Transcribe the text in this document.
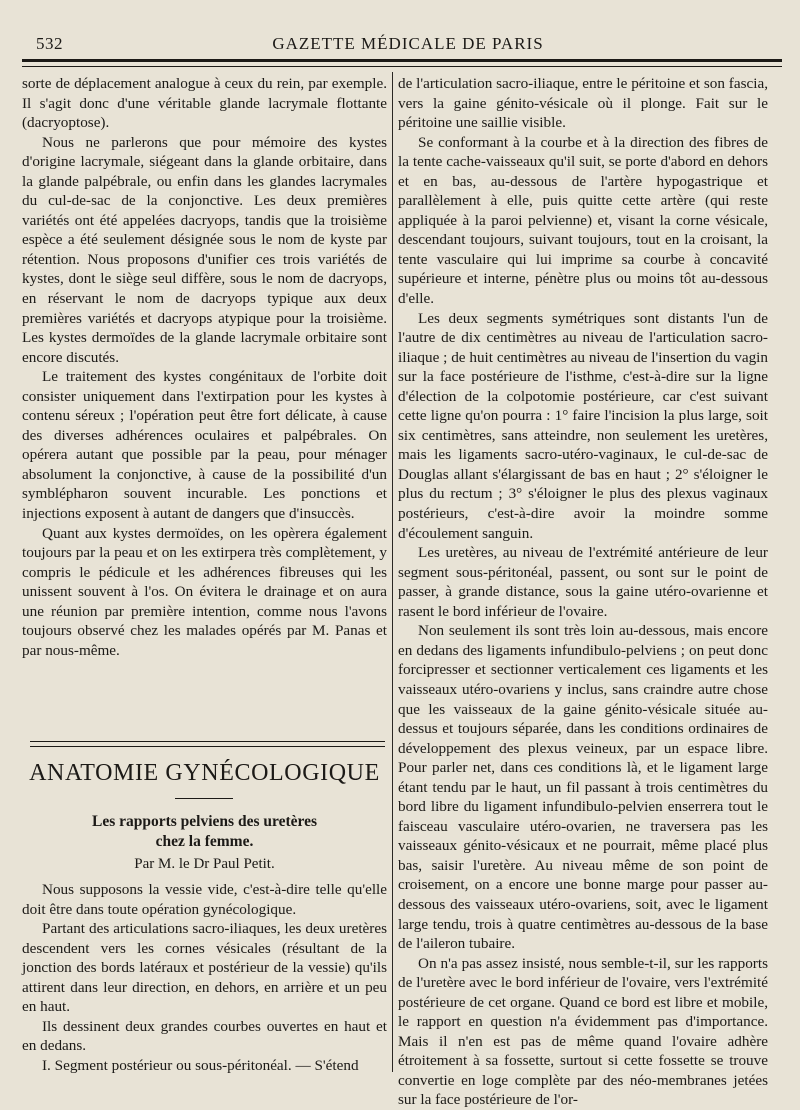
532	GAZETTE MÉDICALE DE PARIS

sorte de déplacement analogue à ceux du rein, par exemple. Il s'agit donc d'une véritable glande lacrymale flottante (dacryoptose).

Nous ne parlerons que pour mémoire des kystes d'origine lacrymale, siégeant dans la glande orbitaire, dans la glande palpébrale, ou enfin dans les glandes lacrymales du cul-de-sac de la conjonctive. Les deux premières variétés ont été appelées dacryops, tandis que la troisième espèce a été seulement désignée sous le nom de kyste par rétention. Nous proposons d'unifier ces trois variétés de kystes, dont le siège seul diffère, sous le nom de dacryops, en réservant le nom de dacryops typique aux deux premières variétés et dacryops atypique pour la troisième. Les kystes dermoïdes de la glande lacrymale orbitaire sont encore discutés.

Le traitement des kystes congénitaux de l'orbite doit consister uniquement dans l'extirpation pour les kystes à contenu séreux ; l'opération peut être fort délicate, à cause des diverses adhérences oculaires et palpébrales. On opérera autant que possible par la peau, pour ménager absolument la conjonctive, à cause de la possibilité d'un symblépharon souvent incurable. Les ponctions et injections exposent à autant de dangers que d'insuccès.

Quant aux kystes dermoïdes, on les opèrera également toujours par la peau et on les extirpera très complètement, y compris le pédicule et les adhérences fibreuses qui les unissent souvent à l'os. On évitera le drainage et on aura une réunion par première intention, comme nous l'avons toujours observé chez les malades opérés par M. Panas et par nous-même.

ANATOMIE GYNÉCOLOGIQUE
Les rapports pelviens des uretères
chez la femme.
Par M. le Dr Paul Petit.

Nous supposons la vessie vide, c'est-à-dire telle qu'elle doit être dans toute opération gynécologique.

Partant des articulations sacro-iliaques, les deux uretères descendent vers les cornes vésicales (résultant de la jonction des bords latéraux et postérieur de la vessie) qu'ils attirent dans leur direction, en dehors, en arrière et un peu en haut.

Ils dessinent deux grandes courbes ouvertes en haut et en dedans.

I. Segment postérieur ou sous-péritonéal. — S'étend

de l'articulation sacro-iliaque, entre le péritoine et son fascia, vers la gaine génito-vésicale où il plonge. Fait sur le péritoine une saillie visible.

Se conformant à la courbe et à la direction des fibres de la tente cache-vaisseaux qu'il suit, se porte d'abord en dehors et en bas, au-dessous de l'artère hypogastrique et parallèlement à elle, puis quitte cette artère (qui reste appliquée à la paroi pelvienne) et, visant la corne vésicale, descendant toujours, suivant toujours, tout en la croisant, la tente vasculaire qui lui imprime sa courbe à concavité supérieure et interne, pénètre plus ou moins tôt au-dessous d'elle.

Les deux segments symétriques sont distants l'un de l'autre de dix centimètres au niveau de l'articulation sacro-iliaque ; de huit centimètres au niveau de l'insertion du vagin sur la face postérieure de l'isthme, c'est-à-dire sur la ligne d'élection de la colpotomie postérieure, car c'est suivant cette ligne qu'on pourra : 1° faire l'incision la plus large, soit six centimètres, sans atteindre, non seulement les uretères, mais les ligaments sacro-utéro-vaginaux, le cul-de-sac de Douglas allant s'élargissant de bas en haut ; 2° s'éloigner le plus du rectum ; 3° s'éloigner le plus des plexus vaginaux postérieurs, c'est-à-dire avoir la moindre somme d'écoulement sanguin.

Les uretères, au niveau de l'extrémité antérieure de leur segment sous-péritonéal, passent, ou sont sur le point de passer, à grande distance, sous la gaine utéro-ovarienne et rasent le bord inférieur de l'ovaire.

Non seulement ils sont très loin au-dessous, mais encore en dedans des ligaments infundibulo-pelviens ; on peut donc forcipresser et sectionner verticalement ces ligaments et les vaisseaux utéro-ovariens y inclus, sans craindre autre chose que les vaisseaux de la gaine génito-vésicale située au-dessus et toujours séparée, dans les conditions ordinaires de développement des plexus veineux, par un espace libre. Pour parler net, dans ces conditions là, et le ligament large étant tendu par le haut, un fil passant à trois centimètres du bord libre du ligament infundibulo-pelvien enserrera tout le faisceau vasculaire utéro-ovarien, ne traversera pas les vaisseaux génito-vésicaux et ne pourrait, même placé plus bas, saisir l'uretère. Au niveau même de son point de croisement, on a encore une bonne marge pour passer au-dessous des vaisseaux utéro-ovariens, soit, avec le ligament large tendu, trois à quatre centimètres au-dessous de la base de l'aileron tubaire.

On n'a pas assez insisté, nous semble-t-il, sur les rapports de l'uretère avec le bord inférieur de l'ovaire, vers l'extrémité postérieure de cet organe. Quand ce bord est libre et mobile, le rapport en question n'a évidemment pas d'importance. Mais il n'en est pas de même quand l'ovaire adhère étroitement à sa fossette, surtout si cette fossette se trouve convertie en loge complète par des néo-membranes jetées sur la face postérieure de l'or-
